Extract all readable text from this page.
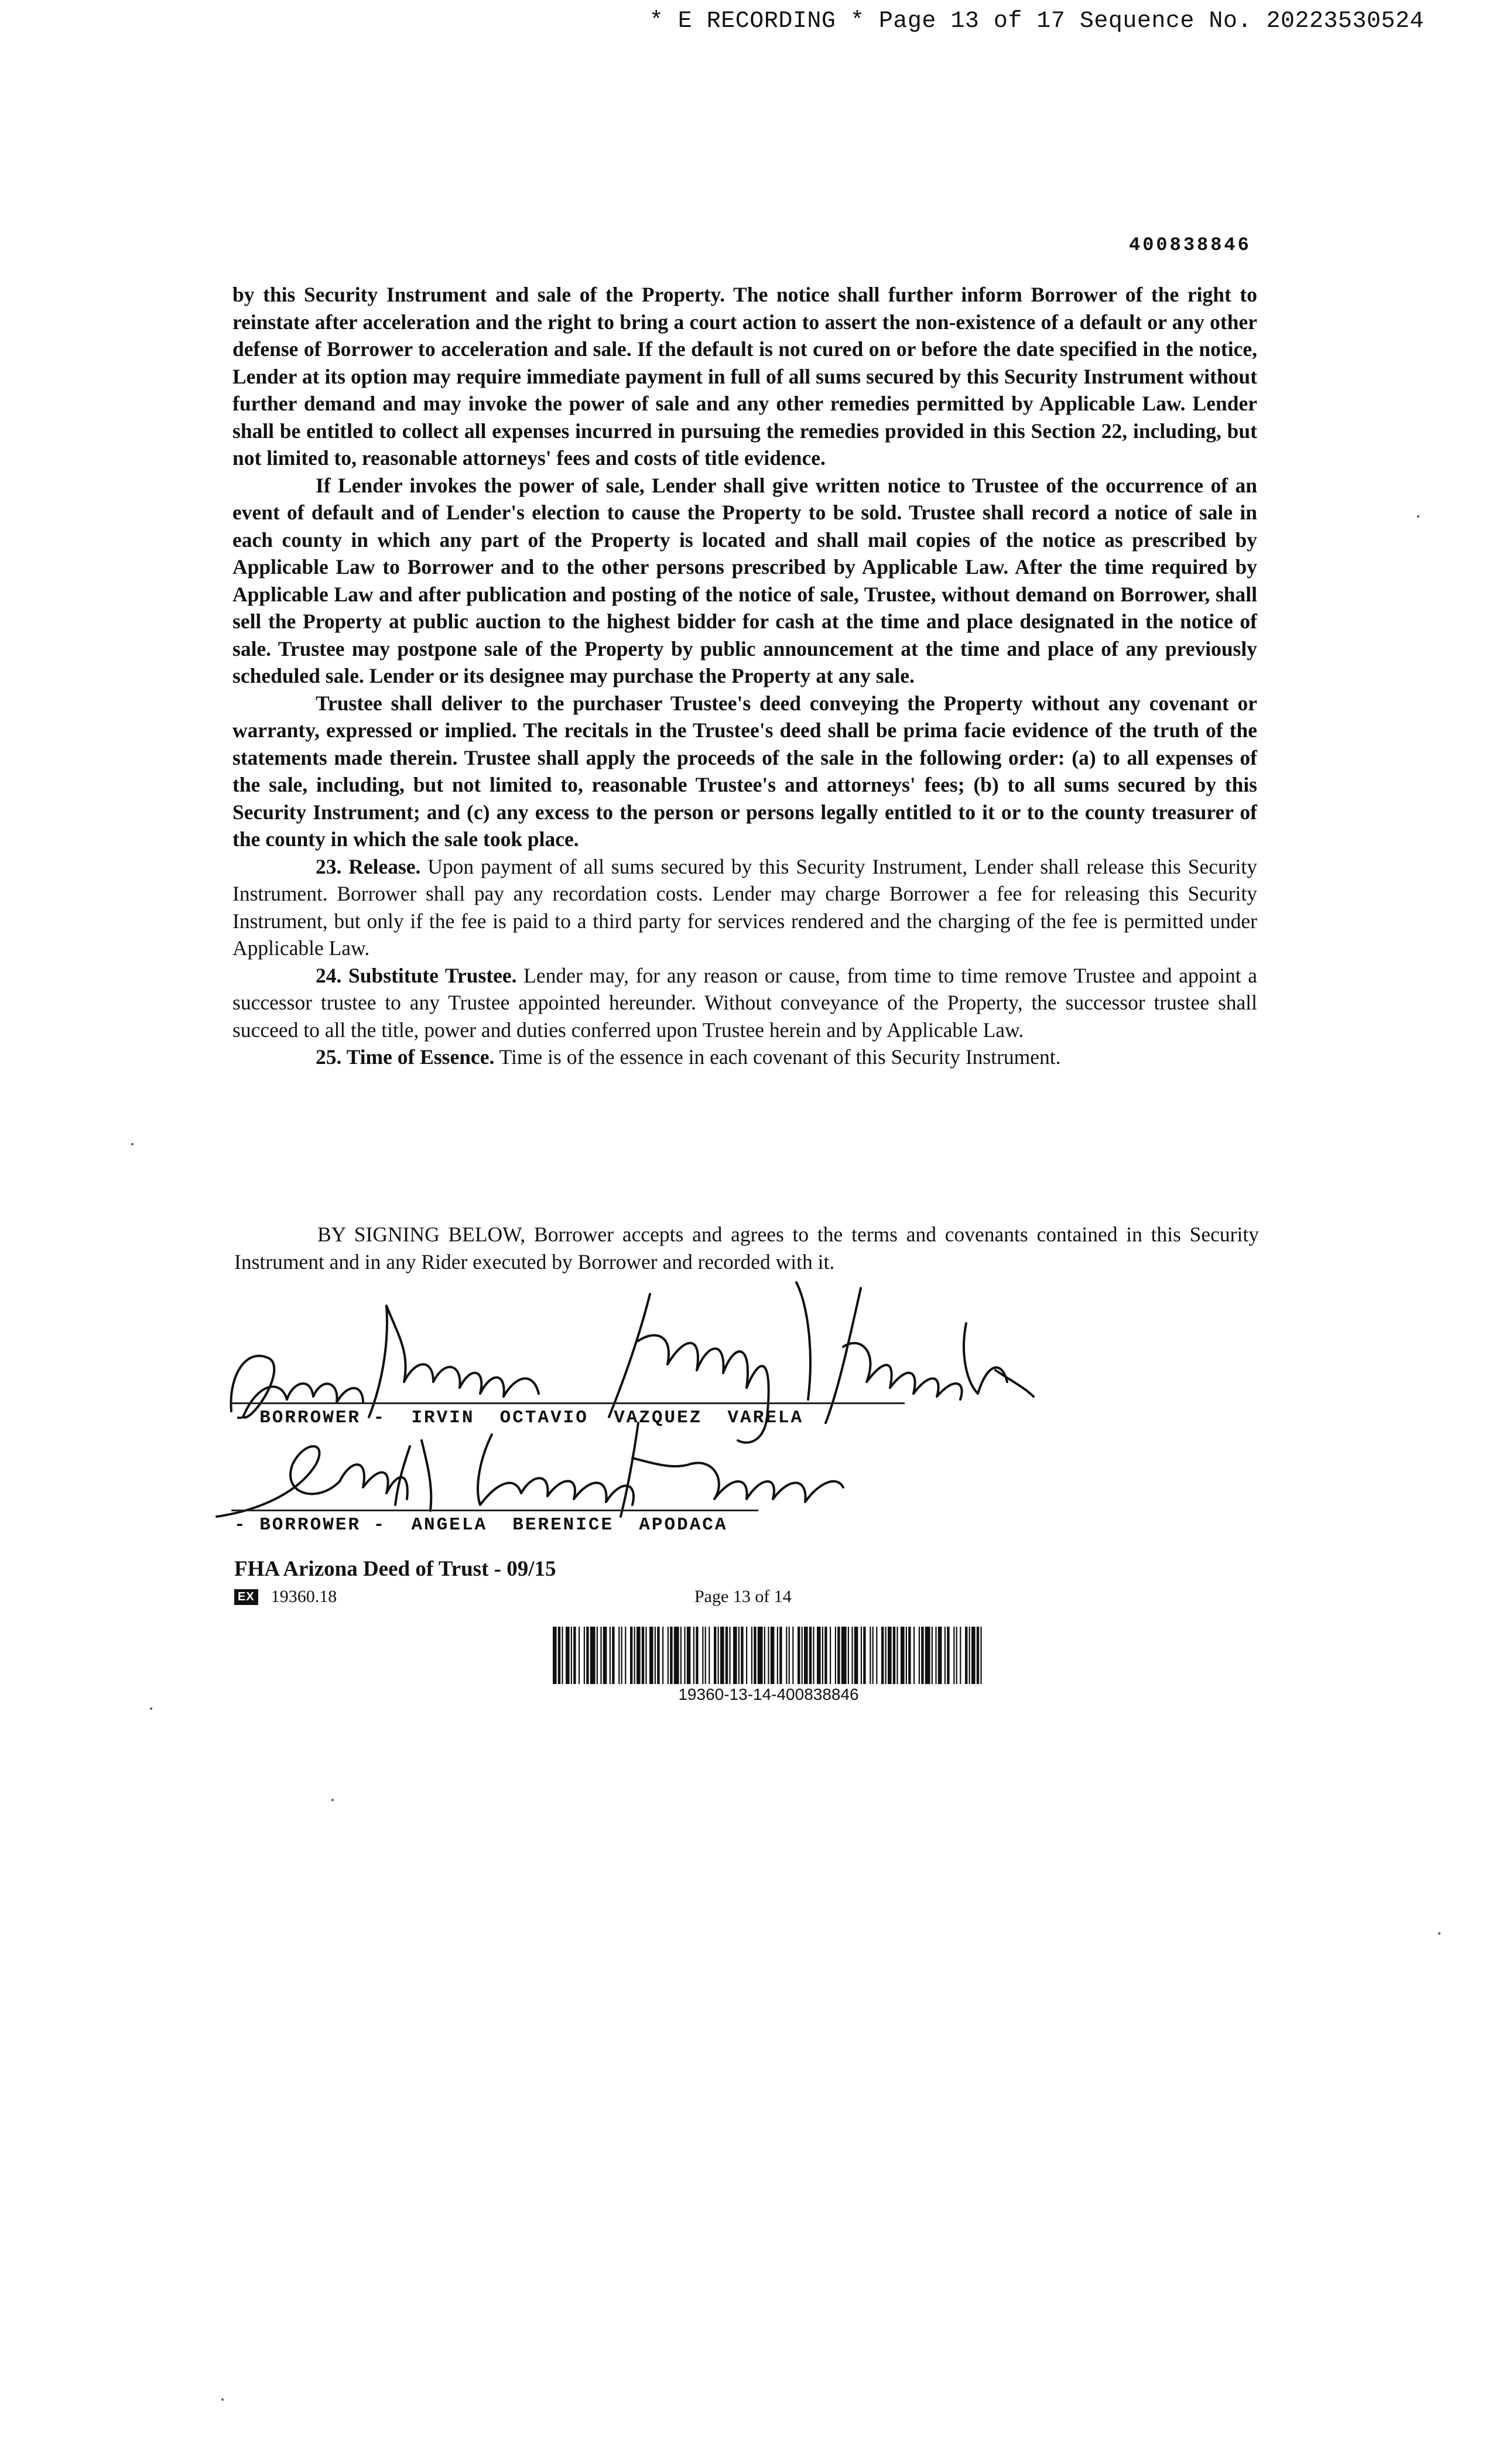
* E RECORDING * Page 13 of 17 Sequence No. 20223530524
400838846

by this Security Instrument and sale of the Property. The notice shall further inform Borrower of the right to reinstate after acceleration and the right to bring a court action to assert the non-existence of a default or any other defense of Borrower to acceleration and sale. If the default is not cured on or before the date specified in the notice, Lender at its option may require immediate payment in full of all sums secured by this Security Instrument without further demand and may invoke the power of sale and any other remedies permitted by Applicable Law. Lender shall be entitled to collect all expenses incurred in pursuing the remedies provided in this Section 22, including, but not limited to, reasonable attorneys' fees and costs of title evidence.

If Lender invokes the power of sale, Lender shall give written notice to Trustee of the occurrence of an event of default and of Lender's election to cause the Property to be sold. Trustee shall record a notice of sale in each county in which any part of the Property is located and shall mail copies of the notice as prescribed by Applicable Law to Borrower and to the other persons prescribed by Applicable Law. After the time required by Applicable Law and after publication and posting of the notice of sale, Trustee, without demand on Borrower, shall sell the Property at public auction to the highest bidder for cash at the time and place designated in the notice of sale. Trustee may postpone sale of the Property by public announcement at the time and place of any previously scheduled sale. Lender or its designee may purchase the Property at any sale.

Trustee shall deliver to the purchaser Trustee's deed conveying the Property without any covenant or warranty, expressed or implied. The recitals in the Trustee's deed shall be prima facie evidence of the truth of the statements made therein. Trustee shall apply the proceeds of the sale in the following order: (a) to all expenses of the sale, including, but not limited to, reasonable Trustee's and attorneys' fees; (b) to all sums secured by this Security Instrument; and (c) any excess to the person or persons legally entitled to it or to the county treasurer of the county in which the sale took place.

23. Release. Upon payment of all sums secured by this Security Instrument, Lender shall release this Security Instrument. Borrower shall pay any recordation costs. Lender may charge Borrower a fee for releasing this Security Instrument, but only if the fee is paid to a third party for services rendered and the charging of the fee is permitted under Applicable Law.

24. Substitute Trustee. Lender may, for any reason or cause, from time to time remove Trustee and appoint a successor trustee to any Trustee appointed hereunder. Without conveyance of the Property, the successor trustee shall succeed to all the title, power and duties conferred upon Trustee herein and by Applicable Law.

25. Time of Essence. Time is of the essence in each covenant of this Security Instrument.

BY SIGNING BELOW, Borrower accepts and agrees to the terms and covenants contained in this Security Instrument and in any Rider executed by Borrower and recorded with it.

- BORROWER -  IRVIN  OCTAVIO  VAZQUEZ  VARELA
- BORROWER -  ANGELA  BERENICE  APODACA
FHA Arizona Deed of Trust - 09/15
EX 19360.18	Page 13 of 14
19360-13-14-400838846
